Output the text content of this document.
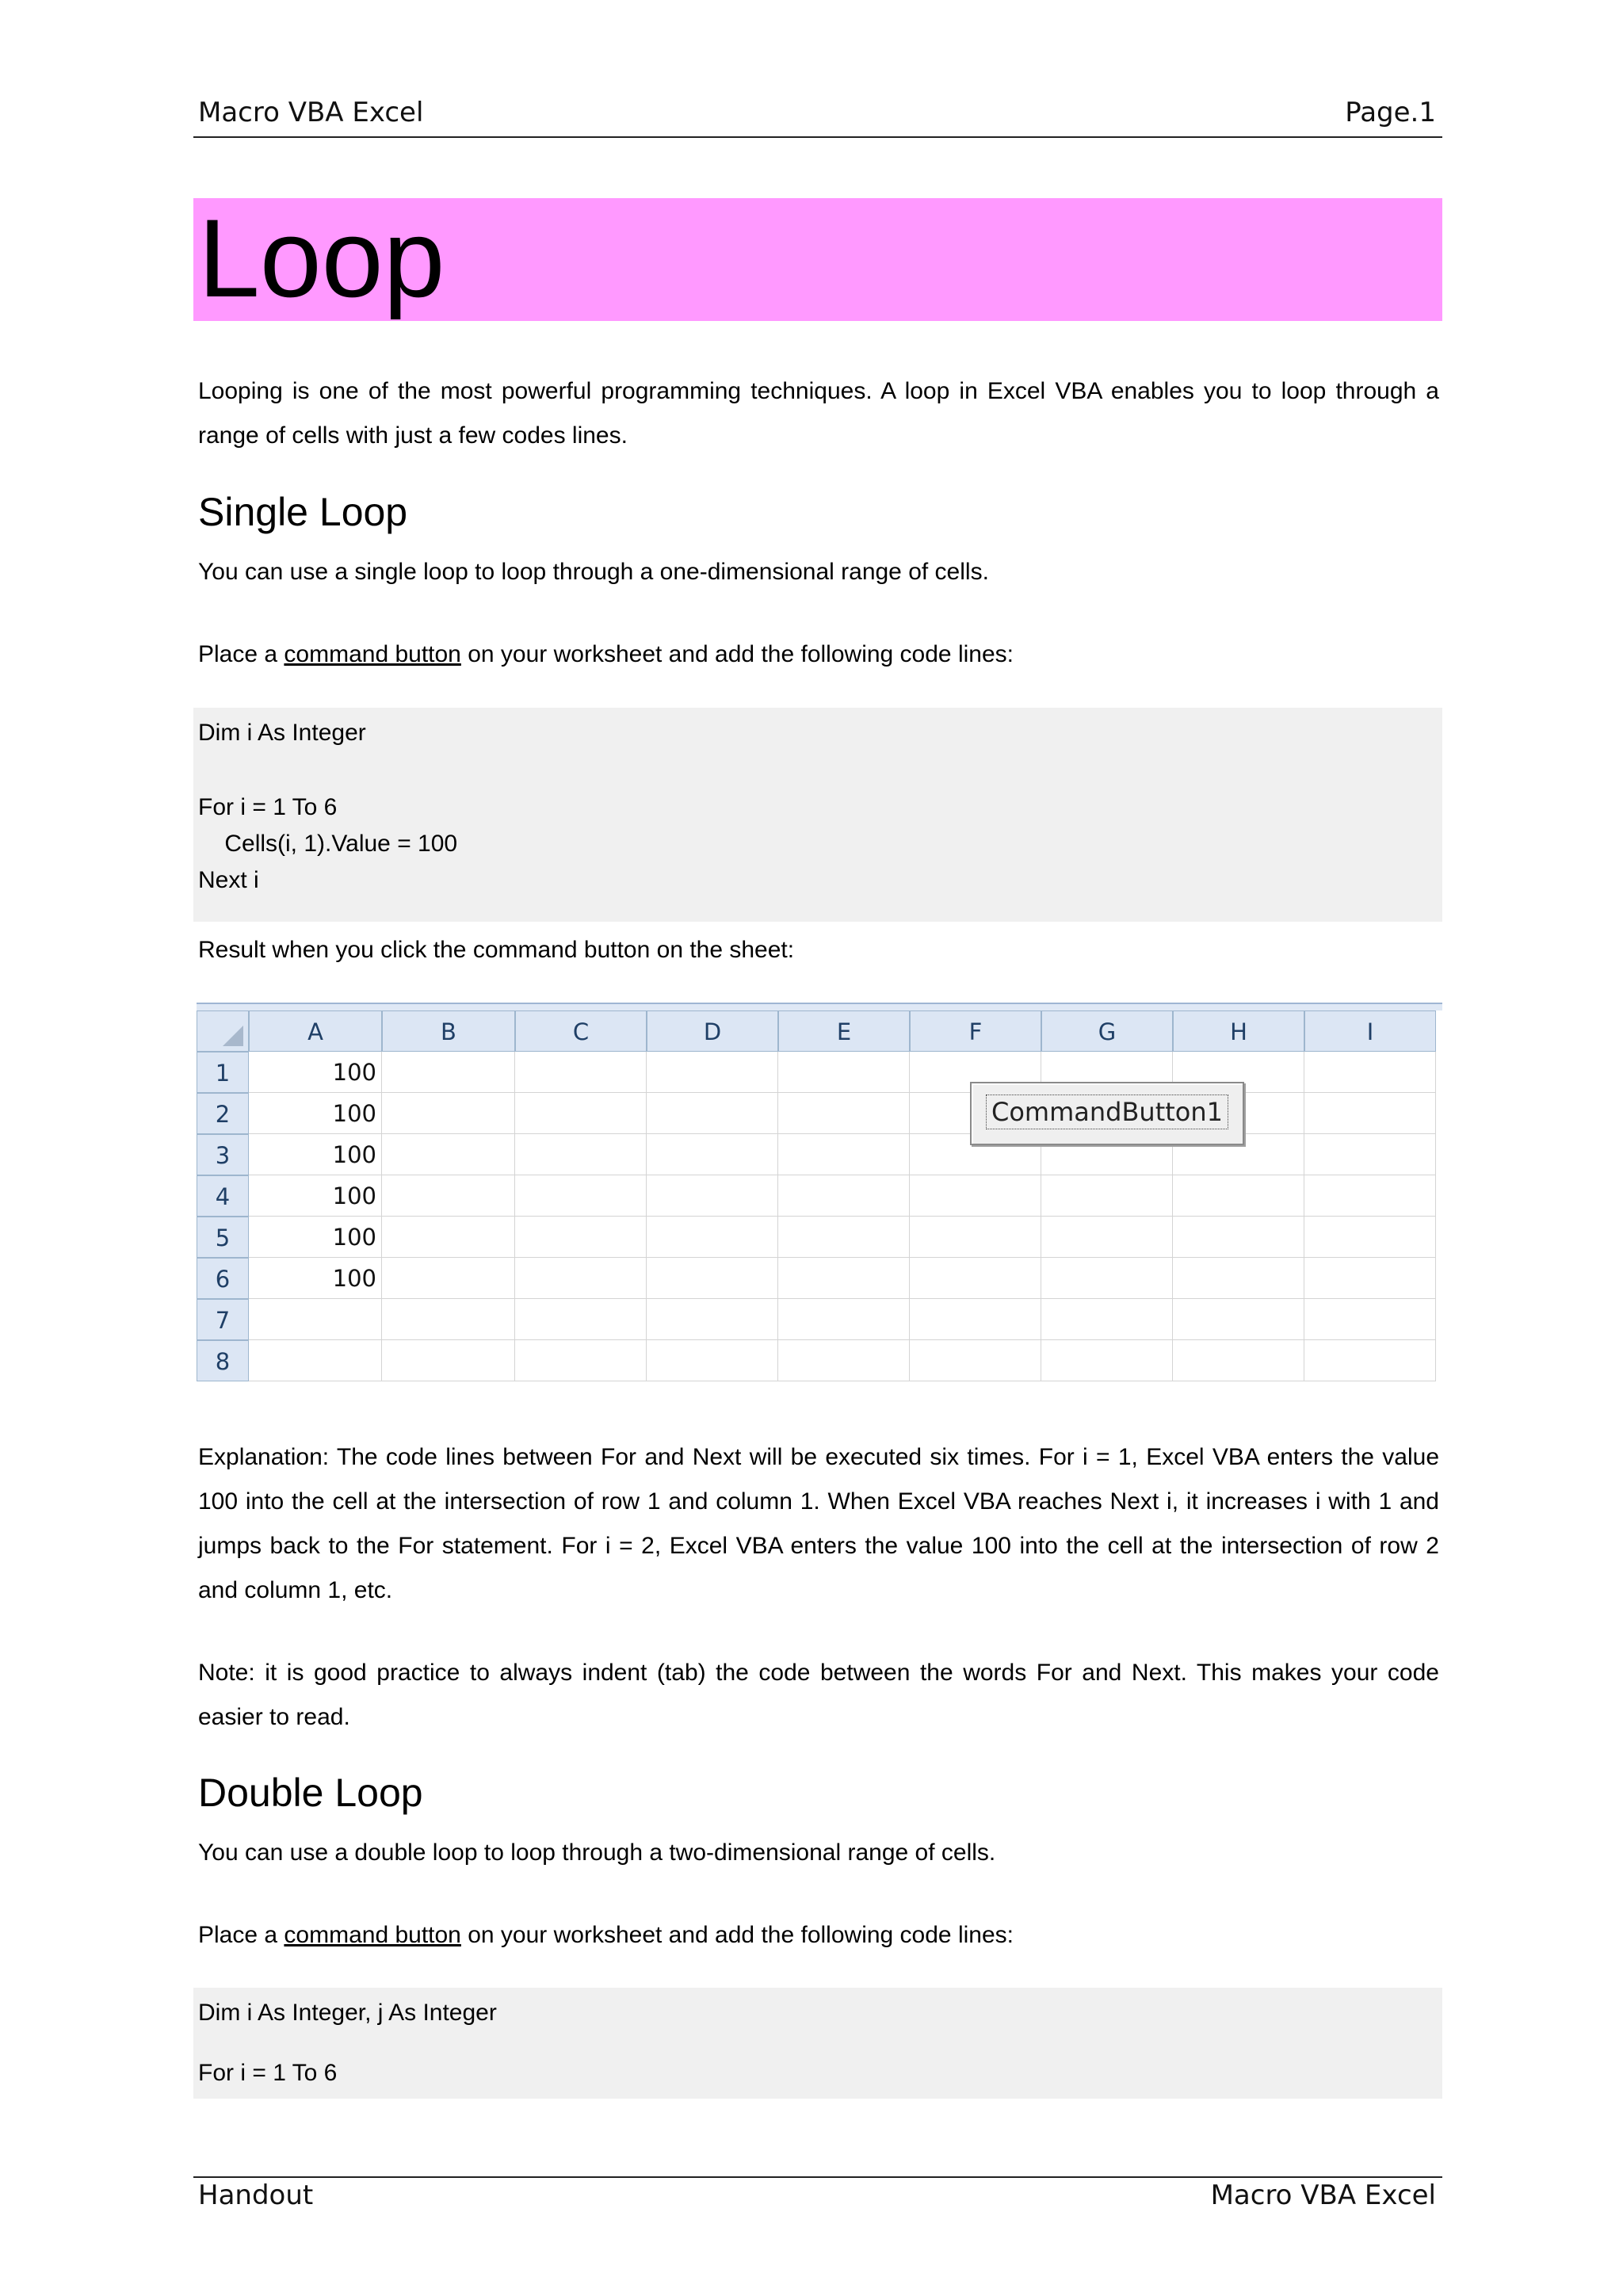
Macro VBA Excel	Page.1
Loop
Looping is one of the most powerful programming techniques. A loop in Excel VBA enables you to loop through a range of cells with just a few codes lines.
Single Loop
You can use a single loop to loop through a one-dimensional range of cells.
Place a command button on your worksheet and add the following code lines:
Dim i As Integer
For i = 1 To 6
Cells(i, 1).Value = 100
Next i
Result when you click the command button on the sheet:
A	B	C	D	E	F	G	H	I
1	100
2	100
3	100
4	100
5	100
6	100
7
8
CommandButton1
Explanation: The code lines between For and Next will be executed six times. For i = 1, Excel VBA enters the value 100 into the cell at the intersection of row 1 and column 1. When Excel VBA reaches Next i, it increases i with 1 and jumps back to the For statement. For i = 2, Excel VBA enters the value 100 into the cell at the intersection of row 2 and column 1, etc.
Note: it is good practice to always indent (tab) the code between the words For and Next. This makes your code easier to read.
Double Loop
You can use a double loop to loop through a two-dimensional range of cells.
Place a command button on your worksheet and add the following code lines:
Dim i As Integer, j As Integer
For i = 1 To 6
Handout	Macro VBA Excel
